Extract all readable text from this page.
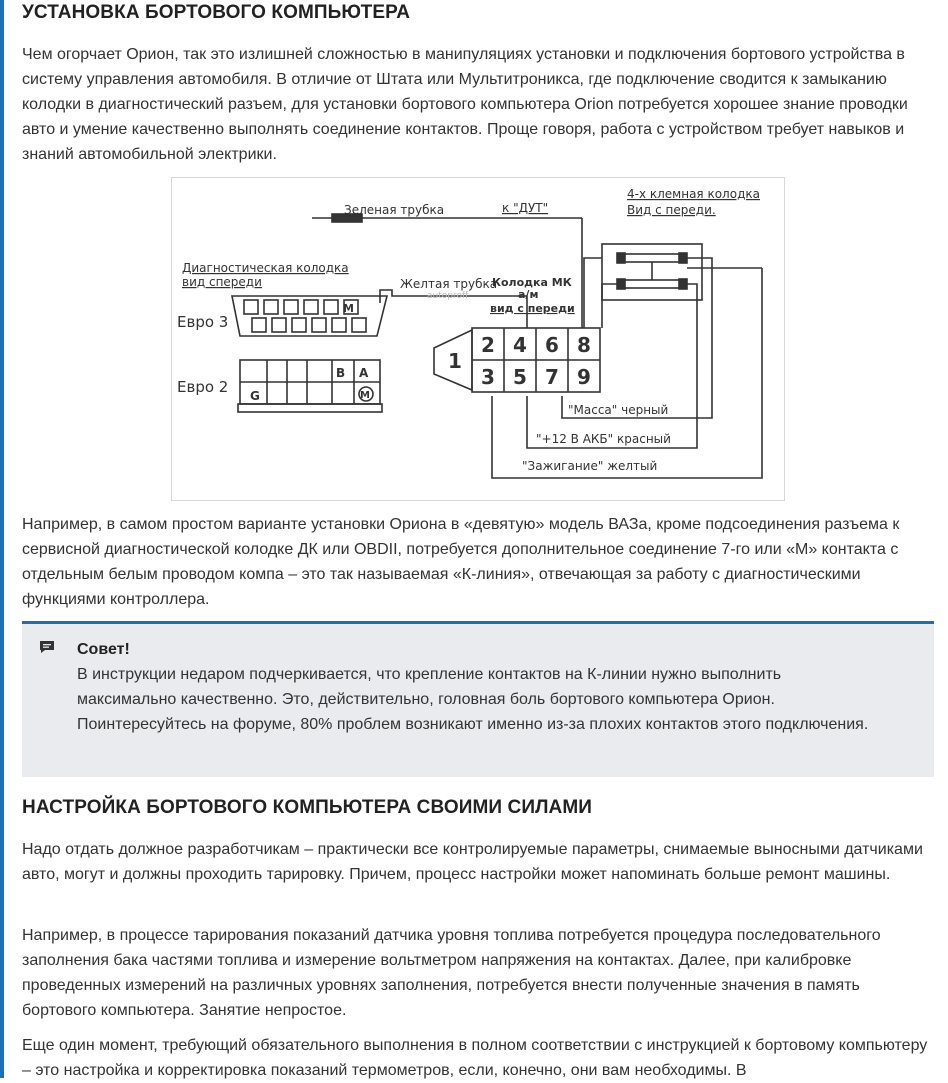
УСТАНОВКА БОРТОВОГО КОМПЬЮТЕРА

Чем огорчает Орион, так это излишней сложностью в манипуляциях установки и подключения бортового устройства в систему управления автомобиля. В отличие от Штата или Мультитроникса, где подключение сводится к замыканию колодки в диагностический разъем, для установки бортового компьютера Orion потребуется хорошее знание проводки авто и умение качественно выполнять соединение контактов. Проще говоря, работа с устройством требует навыков и знаний автомобильной электрики.

Зеленая трубка	к "ДУТ"
4-х клемная колодка
Вид с переди.
Диагностическая колодка
вид спереди	Желтая трубка
Колодка МК
а/м
вид с переди
Евро 3
Евро 2
M
B A
M
G
1
2 4 6 8
3 5 7 9
"Масса" черный
"+12 В АКБ" красный
"Зажигание" желтый
autoproff

Например, в самом простом варианте установки Ориона в «девятую» модель ВАЗа, кроме подсоединения разъема к сервисной диагностической колодке ДК или OBDII, потребуется дополнительное соединение 7-го или «М» контакта с отдельным белым проводом компа – это так называемая «К-линия», отвечающая за работу с диагностическими функциями контроллера.

Совет!
В инструкции недаром подчеркивается, что крепление контактов на К-линии нужно выполнить максимально качественно. Это, действительно, головная боль бортового компьютера Орион. Поинтересуйтесь на форуме, 80% проблем возникают именно из-за плохих контактов этого подключения.
НАСТРОЙКА БОРТОВОГО КОМПЬЮТЕРА СВОИМИ СИЛАМИ

Надо отдать должное разработчикам – практически все контролируемые параметры, снимаемые выносными датчиками авто, могут и должны проходить тарировку. Причем, процесс настройки может напоминать больше ремонт машины.

Например, в процессе тарирования показаний датчика уровня топлива потребуется процедура последовательного заполнения бака частями топлива и измерение вольтметром напряжения на контактах. Далее, при калибровке проведенных измерений на различных уровнях заполнения, потребуется внести полученные значения в память бортового компьютера. Занятие непростое.

Еще один момент, требующий обязательного выполнения в полном соответствии с инструкцией к бортовому компьютеру – это настройка и корректировка показаний термометров, если, конечно, они вам необходимы. В
